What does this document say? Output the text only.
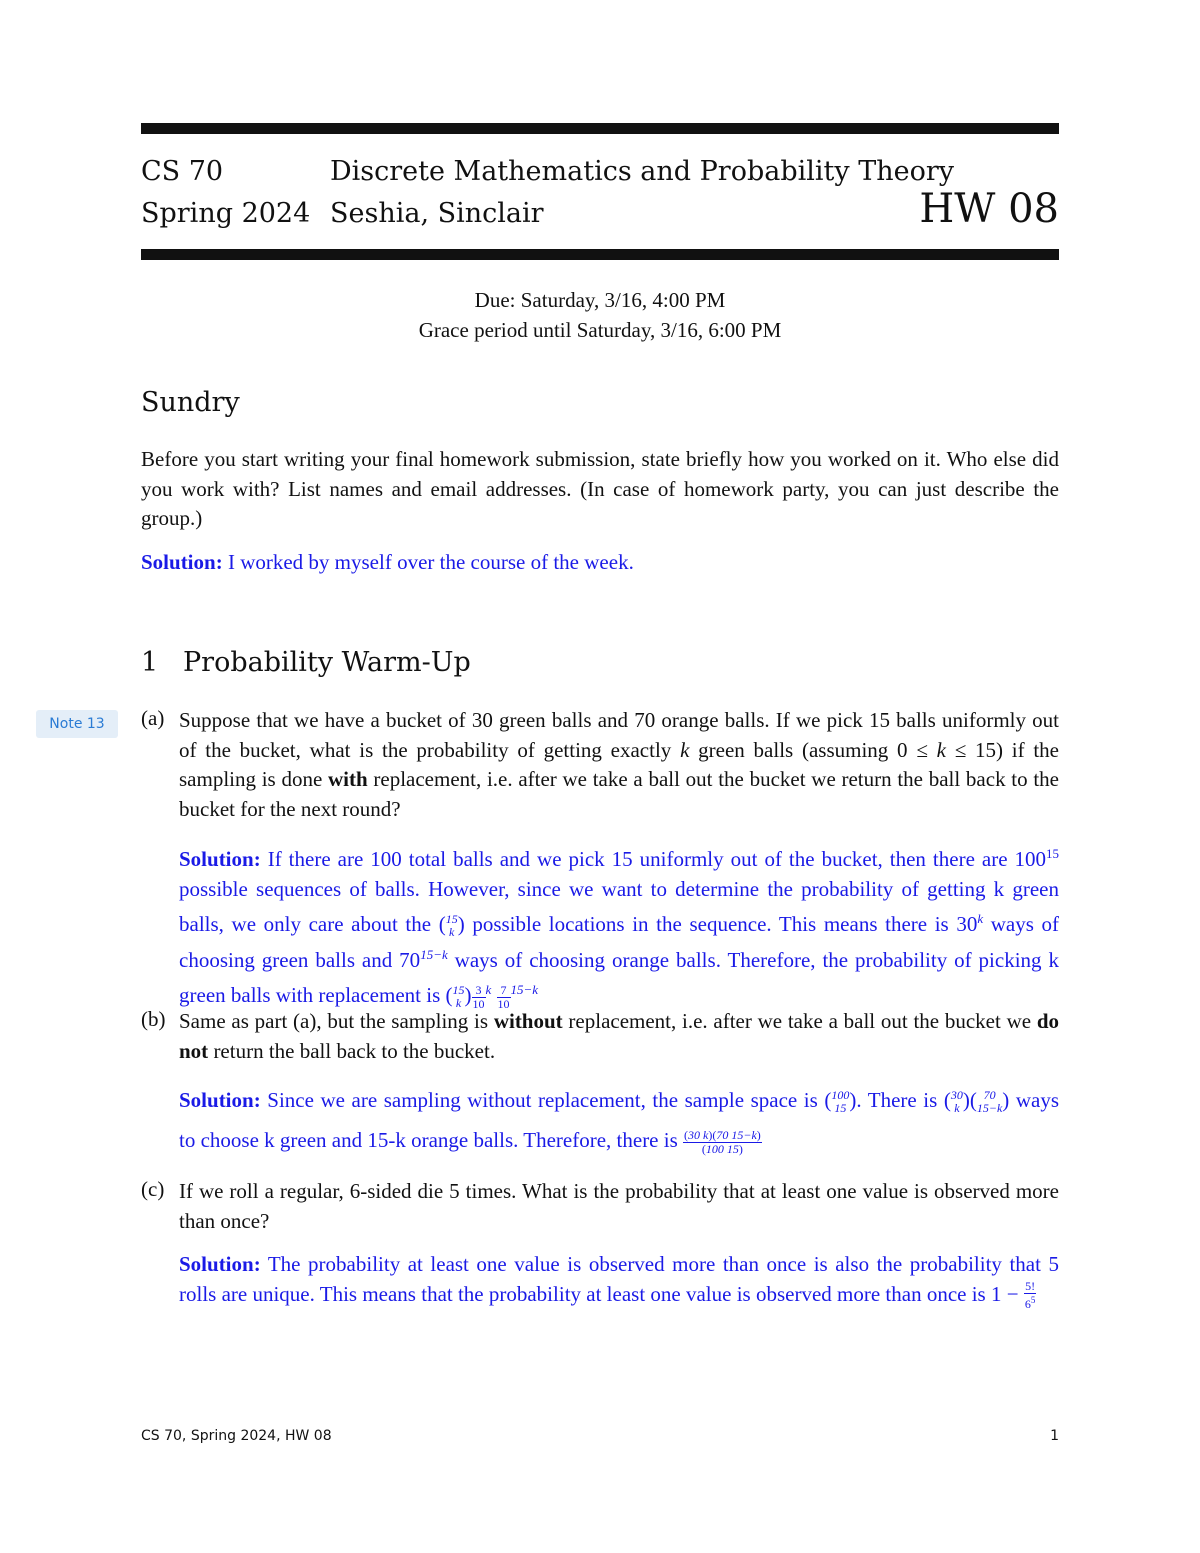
CS 70	Discrete Mathematics and Probability Theory
Spring 2024 Seshia, Sinclair	HW 08
Due: Saturday, 3/16, 4:00 PM
Grace period until Saturday, 3/16, 6:00 PM
Sundry
Before you start writing your final homework submission, state briefly how you worked on it. Who else did you work with? List names and email addresses. (In case of homework party, you can just describe the group.)
Solution: I worked by myself over the course of the week.
1 Probability Warm-Up
Note 13	(a) Suppose that we have a bucket of 30 green balls and 70 orange balls. If we pick 15 balls uniformly out of the bucket, what is the probability of getting exactly k green balls (assuming 0 ≤ k ≤ 15) if the sampling is done with replacement, i.e. after we take a ball out the bucket we return the ball back to the bucket for the next round?
Solution: If there are 100 total balls and we pick 15 uniformly out of the bucket, then there are $100^{15}$ possible sequences of balls. However, since we want to determine the probability of getting k green balls, we only care about the (15
k ) possible locations in the sequence. This means there is 30$^k$ ways of choosing green balls and $70^{15-k}$ ways of choosing orange balls. Therefore, the probability of picking k green balls with replacement is (15
k ) $\frac{3}{10} ^k \frac{7}{10} ^{15-k}$
(b) Same as part (a), but the sampling is without replacement, i.e. after we take a ball out the bucket we do not return the ball back to the bucket.
Solution: Since we are sampling without replacement, the sample space is (100
15 ). There is (30
k )( 70
15−k) ways to choose k green and 15-k orange balls. Therefore, there is $\frac{(30 k)(70 15-k)}{(100 15)}$
(c) If we roll a regular, 6-sided die 5 times. What is the probability that at least one value is observed more than once?
Solution: The probability at least one value is observed more than once is also the probability that 5 rolls are unique. This means that the probability at least one value is observed more than once is $1 - \frac{5!}{6^5}$
CS 70, Spring 2024, HW 08	1
